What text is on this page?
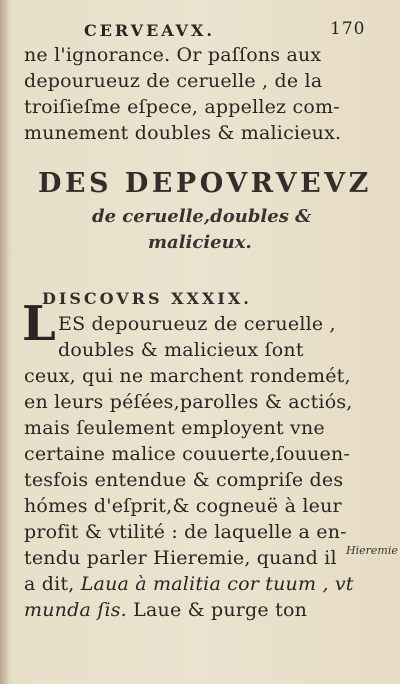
CERVEAVX.	170
ne l'ignorance. Or paſſons aux
depourueuz de ceruelle , de la
troiſieſme eſpece, appellez com-
munement doubles & malicieux.
DES DEPOVRVEVZ
de ceruelle,doubles &
malicieux.
DISCOVRS XXXIX.
L ES depourueuz de ceruelle ,
doubles & malicieux ſont
ceux, qui ne marchent rondemét,
en leurs péſées,parolles & actiós,
mais ſeulement employent vne
certaine malice couuerte,ſouuen-
tesfois entendue & compriſe des
hómes d'eſprit,& cogneuë à leur
profit & vtilité : de laquelle a en-
tendu parler Hieremie, quand il
a dit, Laua à malitia cor tuum , vt
munda ſis. Laue & purge ton
Hieremie
